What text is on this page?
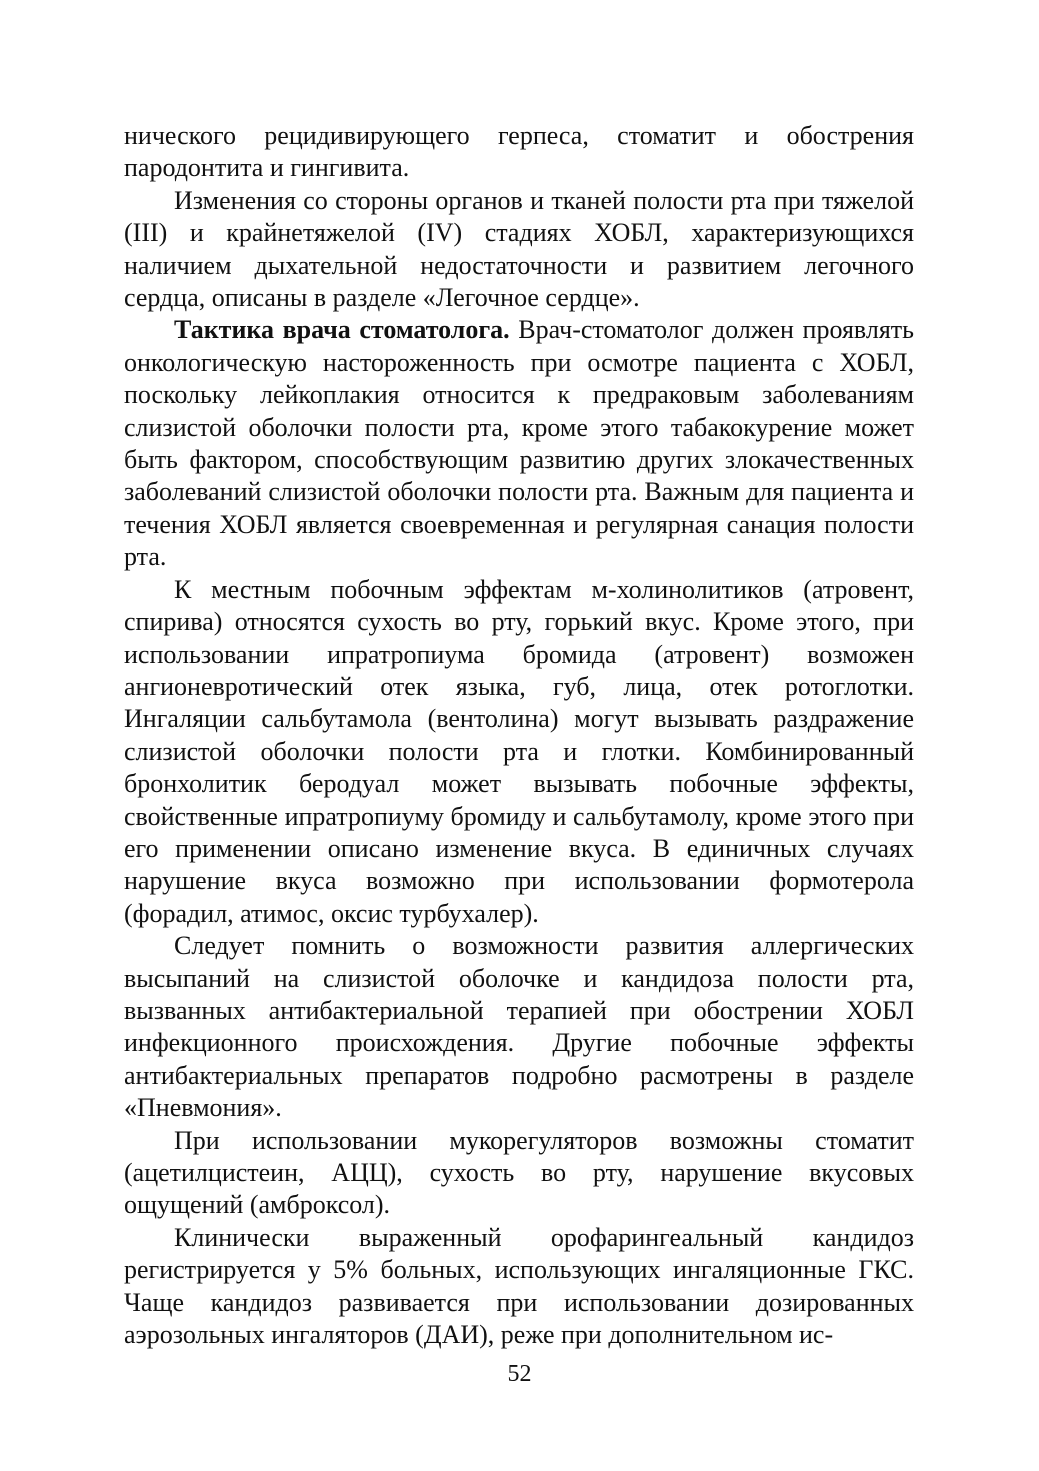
нического рецидивирующего герпеса, стоматит и обострения пародонтита и гингивита.

Изменения со стороны органов и тканей полости рта при тяжелой (III) и крайнетяжелой (IV) стадиях ХОБЛ, характеризующихся наличием дыхательной недостаточности и развитием легочного сердца, описаны в разделе «Легочное сердце».

Тактика врача стоматолога. Врач-стоматолог должен проявлять онкологическую настороженность при осмотре пациента с ХОБЛ, поскольку лейкоплакия относится к предраковым заболеваниям слизистой оболочки полости рта, кроме этого табакокурение может быть фактором, способствующим развитию других злокачественных заболеваний слизистой оболочки полости рта. Важным для пациента и течения ХОБЛ является своевременная и регулярная санация полости рта.

К местным побочным эффектам м-холинолитиков (атровент, спирива) относятся сухость во рту, горький вкус. Кроме этого, при использовании ипратропиума бромида (атровент) возможен ангионевротический отек языка, губ, лица, отек ротоглотки. Ингаляции сальбутамола (вентолина) могут вызывать раздражение слизистой оболочки полости рта и глотки. Комбинированный бронхолитик беродуал может вызывать побочные эффекты, свойственные ипратропиуму бромиду и сальбутамолу, кроме этого при его применении описано изменение вкуса. В единичных случаях нарушение вкуса возможно при использовании формотерола (форадил, атимос, оксис турбухалер).

Следует помнить о возможности развития аллергических высыпаний на слизистой оболочке и кандидоза полости рта, вызванных антибактериальной терапией при обострении ХОБЛ инфекционного происхождения. Другие побочные эффекты антибактериальных препаратов подробно расмотрены в разделе «Пневмония».

При использовании мукорегуляторов возможны стоматит (ацетилцистеин, АЦЦ), сухость во рту, нарушение вкусовых ощущений (амброксол).

Клинически выраженный орофарингеальный кандидоз регистрируется у 5% больных, использующих ингаляционные ГКС. Чаще кандидоз развивается при использовании дозированных аэрозольных ингаляторов (ДАИ), реже при дополнительном ис-

52
